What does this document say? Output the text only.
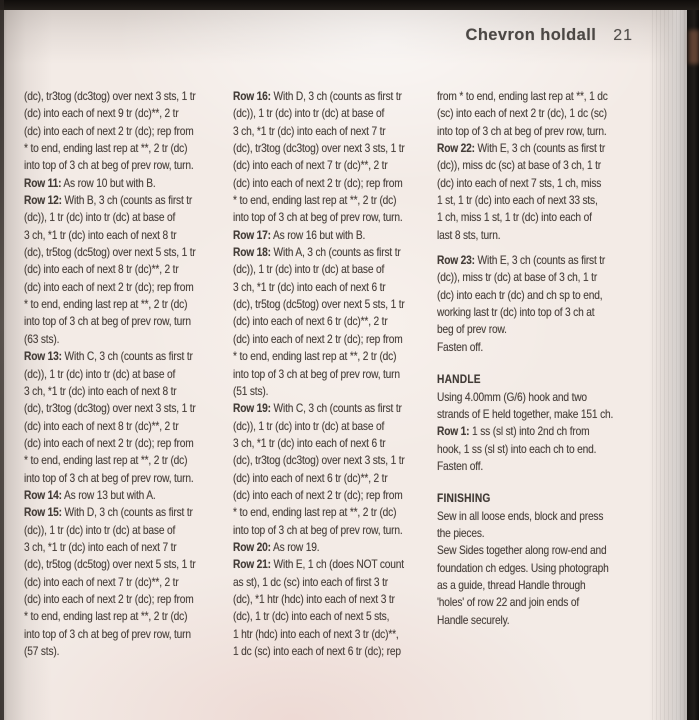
Chevron holdall 21
(dc), tr3tog (dc3tog) over next 3 sts, 1 tr
(dc) into each of next 9 tr (dc)**, 2 tr
(dc) into each of next 2 tr (dc); rep from
* to end, ending last rep at **, 2 tr (dc)
into top of 3 ch at beg of prev row, turn.
Row 11: As row 10 but with B.
Row 12: With B, 3 ch (counts as first tr
(dc)), 1 tr (dc) into tr (dc) at base of
3 ch, *1 tr (dc) into each of next 8 tr
(dc), tr5tog (dc5tog) over next 5 sts, 1 tr
(dc) into each of next 8 tr (dc)**, 2 tr
(dc) into each of next 2 tr (dc); rep from
* to end, ending last rep at **, 2 tr (dc)
into top of 3 ch at beg of prev row, turn
(63 sts).
Row 13: With C, 3 ch (counts as first tr
(dc)), 1 tr (dc) into tr (dc) at base of
3 ch, *1 tr (dc) into each of next 8 tr
(dc), tr3tog (dc3tog) over next 3 sts, 1 tr
(dc) into each of next 8 tr (dc)**, 2 tr
(dc) into each of next 2 tr (dc); rep from
* to end, ending last rep at **, 2 tr (dc)
into top of 3 ch at beg of prev row, turn.
Row 14: As row 13 but with A.
Row 15: With D, 3 ch (counts as first tr
(dc)), 1 tr (dc) into tr (dc) at base of
3 ch, *1 tr (dc) into each of next 7 tr
(dc), tr5tog (dc5tog) over next 5 sts, 1 tr
(dc) into each of next 7 tr (dc)**, 2 tr
(dc) into each of next 2 tr (dc); rep from
* to end, ending last rep at **, 2 tr (dc)
into top of 3 ch at beg of prev row, turn
(57 sts).
Row 16: With D, 3 ch (counts as first tr
(dc)), 1 tr (dc) into tr (dc) at base of
3 ch, *1 tr (dc) into each of next 7 tr
(dc), tr3tog (dc3tog) over next 3 sts, 1 tr
(dc) into each of next 7 tr (dc)**, 2 tr
(dc) into each of next 2 tr (dc); rep from
* to end, ending last rep at **, 2 tr (dc)
into top of 3 ch at beg of prev row, turn.
Row 17: As row 16 but with B.
Row 18: With A, 3 ch (counts as first tr
(dc)), 1 tr (dc) into tr (dc) at base of
3 ch, *1 tr (dc) into each of next 6 tr
(dc), tr5tog (dc5tog) over next 5 sts, 1 tr
(dc) into each of next 6 tr (dc)**, 2 tr
(dc) into each of next 2 tr (dc); rep from
* to end, ending last rep at **, 2 tr (dc)
into top of 3 ch at beg of prev row, turn
(51 sts).
Row 19: With C, 3 ch (counts as first tr
(dc)), 1 tr (dc) into tr (dc) at base of
3 ch, *1 tr (dc) into each of next 6 tr
(dc), tr3tog (dc3tog) over next 3 sts, 1 tr
(dc) into each of next 6 tr (dc)**, 2 tr
(dc) into each of next 2 tr (dc); rep from
* to end, ending last rep at **, 2 tr (dc)
into top of 3 ch at beg of prev row, turn.
Row 20: As row 19.
Row 21: With E, 1 ch (does NOT count
as st), 1 dc (sc) into each of first 3 tr
(dc), *1 htr (hdc) into each of next 3 tr
(dc), 1 tr (dc) into each of next 5 sts,
1 htr (hdc) into each of next 3 tr (dc)**,
1 dc (sc) into each of next 6 tr (dc); rep
from * to end, ending last rep at **, 1 dc
(sc) into each of next 2 tr (dc), 1 dc (sc)
into top of 3 ch at beg of prev row, turn.
Row 22: With E, 3 ch (counts as first tr
(dc)), miss dc (sc) at base of 3 ch, 1 tr
(dc) into each of next 7 sts, 1 ch, miss
1 st, 1 tr (dc) into each of next 33 sts,
1 ch, miss 1 st, 1 tr (dc) into each of
last 8 sts, turn.
Row 23: With E, 3 ch (counts as first tr
(dc)), miss tr (dc) at base of 3 ch, 1 tr
(dc) into each tr (dc) and ch sp to end,
working last tr (dc) into top of 3 ch at
beg of prev row.
Fasten off.
HANDLE
Using 4.00mm (G/6) hook and two
strands of E held together, make 151 ch.
Row 1: 1 ss (sl st) into 2nd ch from
hook, 1 ss (sl st) into each ch to end.
Fasten off.
FINISHING
Sew in all loose ends, block and press
the pieces.
Sew Sides together along row-end and
foundation ch edges. Using photograph
as a guide, thread Handle through
'holes' of row 22 and join ends of
Handle securely.
